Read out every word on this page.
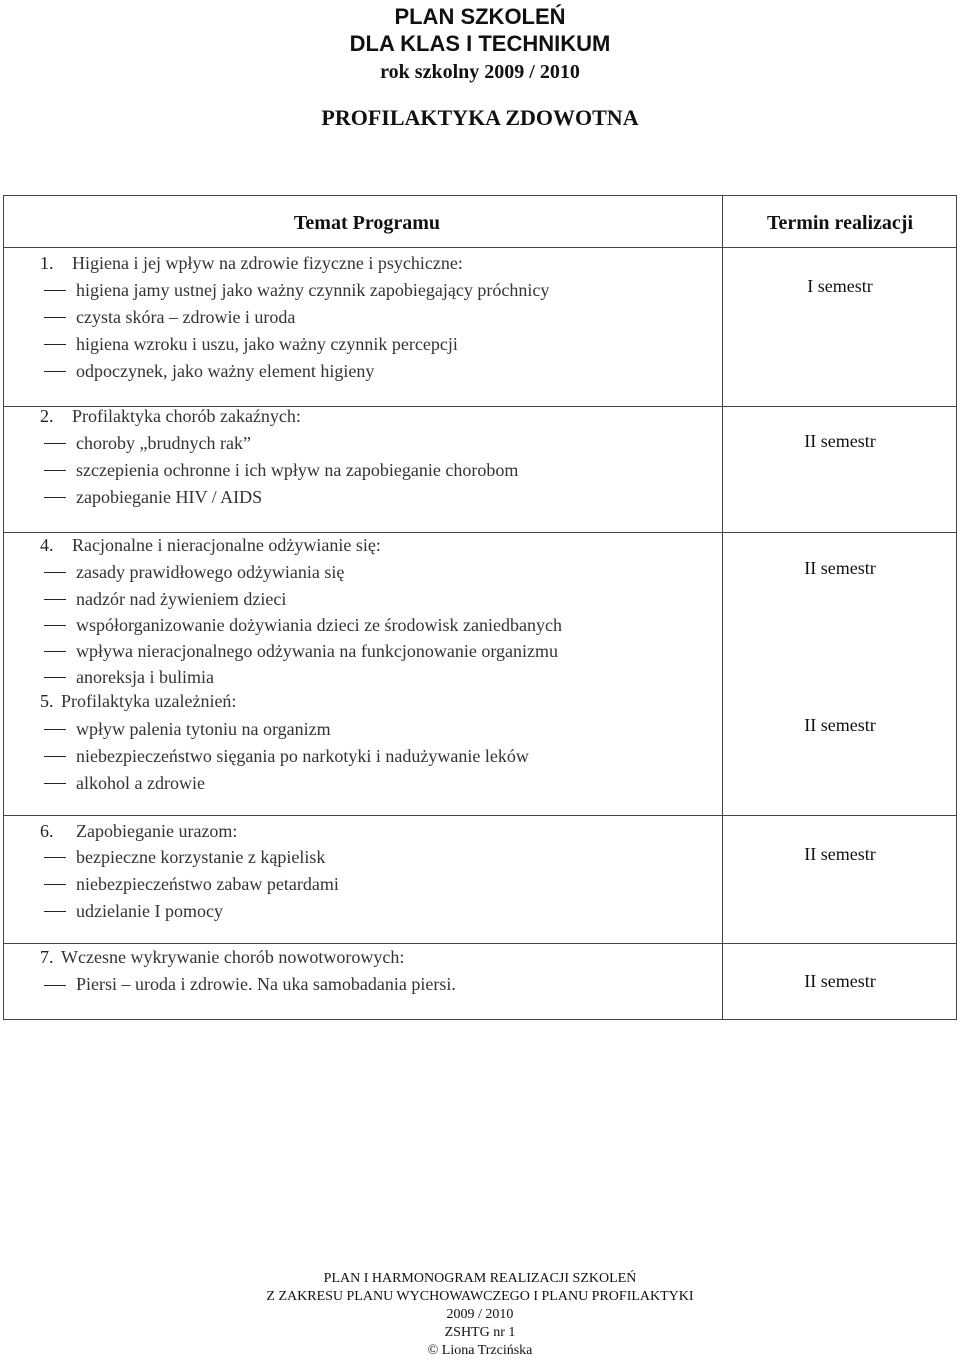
PLAN SZKOLEŃ
DLA KLAS I TECHNIKUM
rok szkolny 2009 / 2010
PROFILAKTYKA ZDOWOTNA
Temat Programu	Termin realizacji
1. Higiena i jej wpływ na zdrowie fizyczne i psychiczne:
higiena jamy ustnej jako ważny czynnik zapobiegający próchnicy
czysta skóra – zdrowie i uroda
higiena wzroku i uszu, jako ważny czynnik percepcji
odpoczynek, jako ważny element higieny
I semestr
2. Profilaktyka chorób zakaźnych:
choroby „brudnych rak”
szczepienia ochronne i ich wpływ na zapobieganie chorobom
zapobieganie HIV / AIDS
II semestr
4. Racjonalne i nieracjonalne odżywianie się:
zasady prawidłowego odżywiania się
nadzór nad żywieniem dzieci
współorganizowanie dożywiania dzieci ze środowisk zaniedbanych
wpływa nieracjonalnego odżywania na funkcjonowanie organizmu
anoreksja i bulimia
II semestr
5. Profilaktyka uzależnień:
wpływ palenia tytoniu na organizm
niebezpieczeństwo sięgania po narkotyki i nadużywanie leków
alkohol a zdrowie
II semestr
6. Zapobieganie urazom:
bezpieczne korzystanie z kąpielisk
niebezpieczeństwo zabaw petardami
udzielanie I pomocy
II semestr
7. Wczesne wykrywanie chorób nowotworowych:
Piersi – uroda i zdrowie. Na uka samobadania piersi.	II semestr
PLAN I HARMONOGRAM REALIZACJI SZKOLEŃ
Z ZAKRESU PLANU WYCHOWAWCZEGO I PLANU PROFILAKTYKI
2009 / 2010
ZSHTG nr 1
© Liona Trzcińska
